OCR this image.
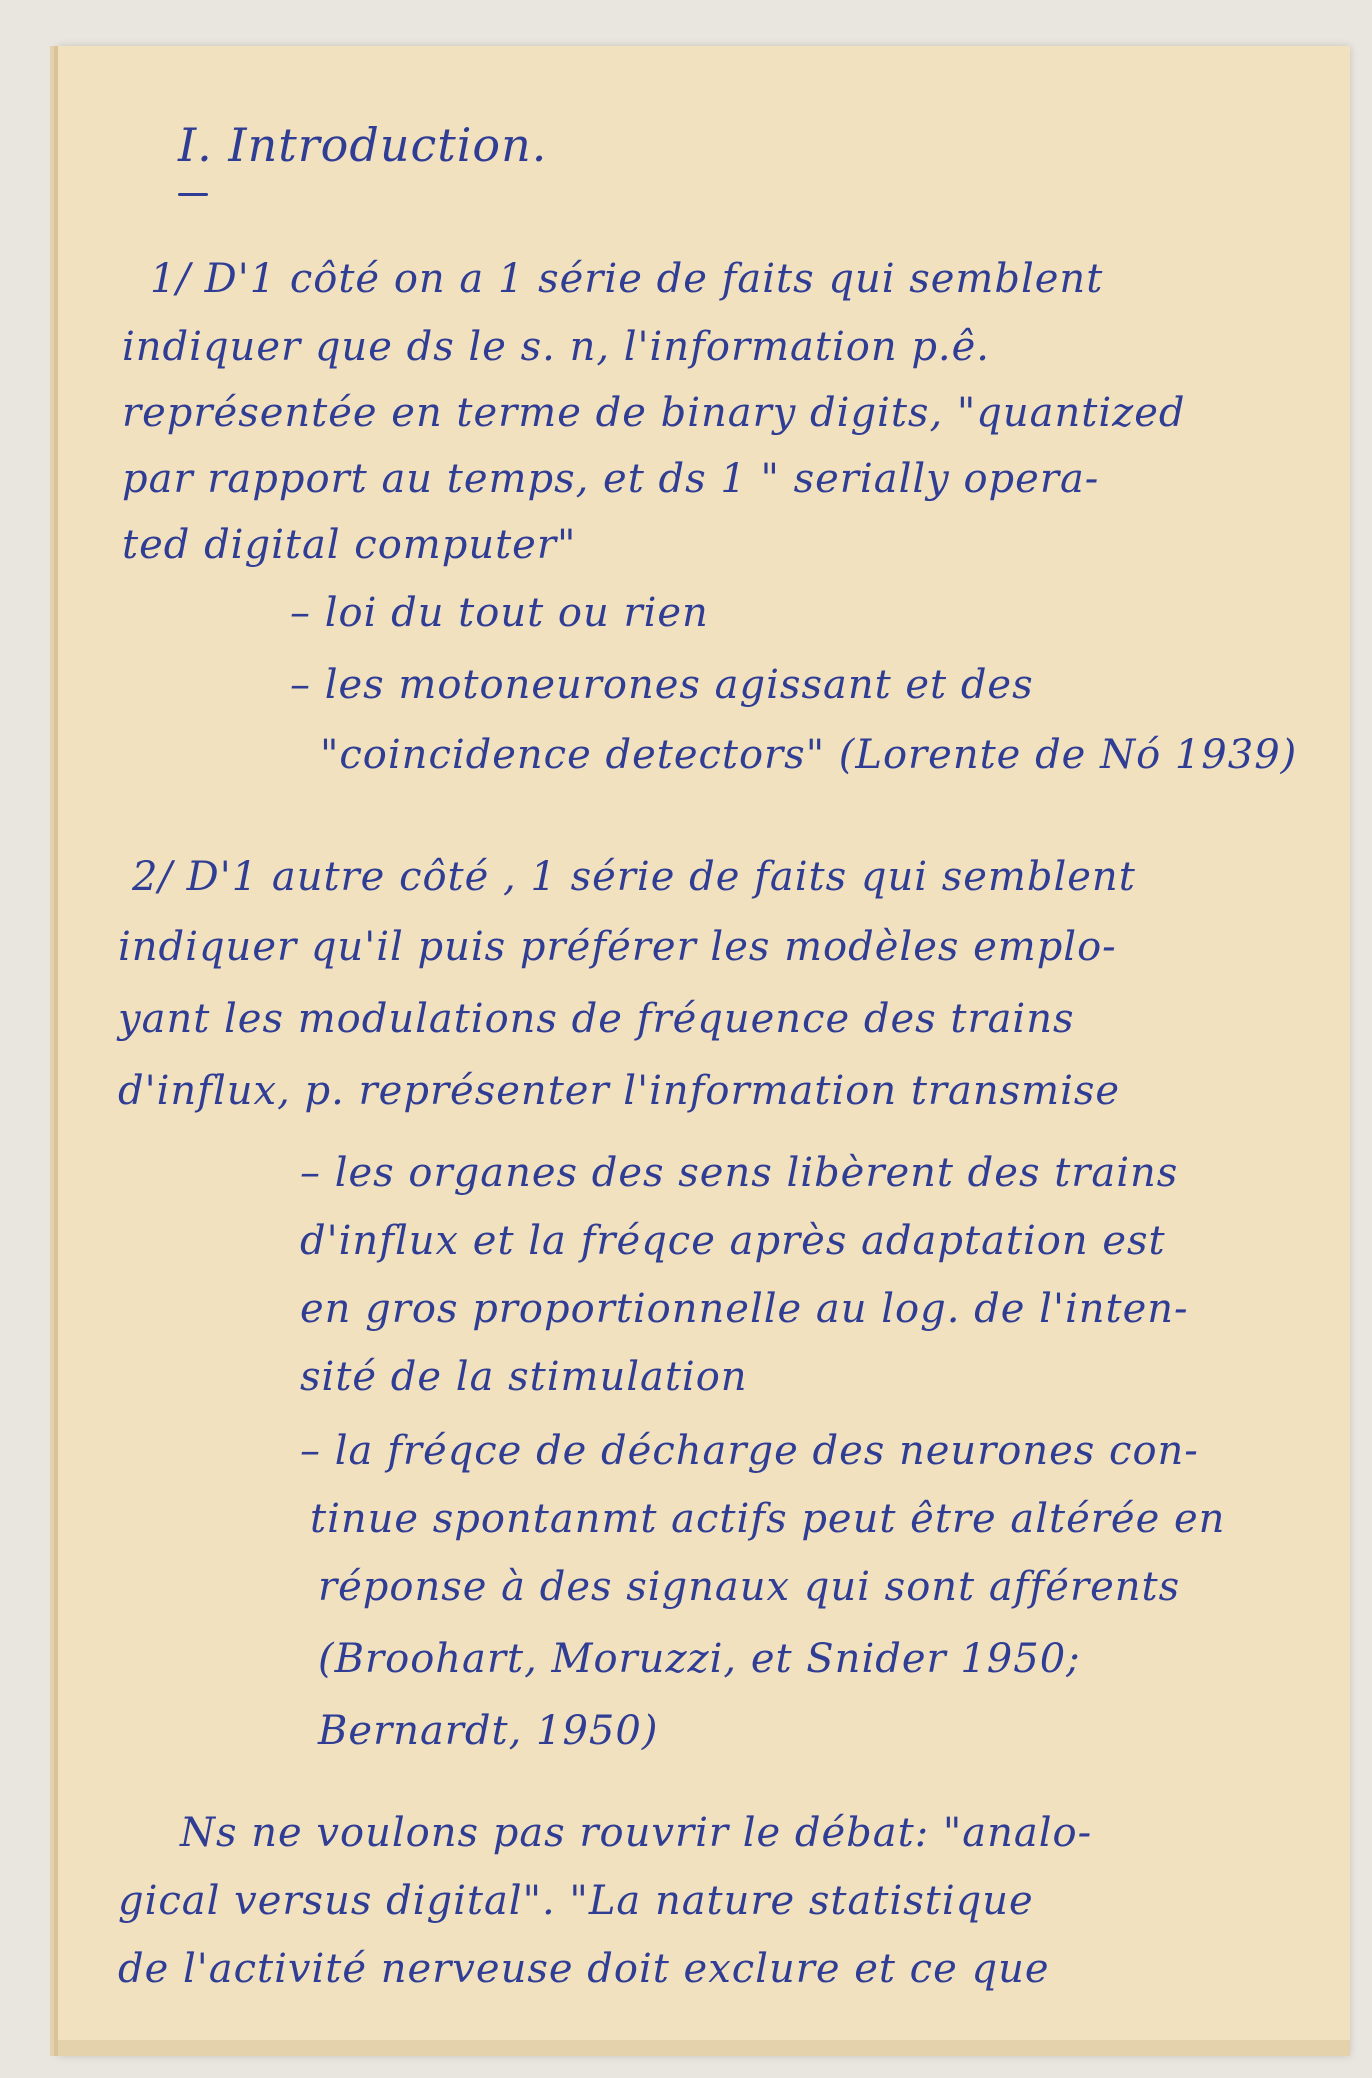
I. Introduction.
1/ D'1 côté on a 1 série de faits qui semblent
indiquer que ds le s. n, l'information p.ê.
représentée en terme de binary digits, "quantized
par rapport au temps, et ds 1 " serially opera-
ted digital computer"
– loi du tout ou rien
– les motoneurones agissant et des
"coincidence detectors" (Lorente de Nó 1939)
2/ D'1 autre côté , 1 série de faits qui semblent
indiquer qu'il puis préférer les modèles emplo-
yant les modulations de fréquence des trains
d'influx, p. représenter l'information transmise
– les organes des sens libèrent des trains
d'influx et la fréqce après adaptation est
en gros proportionnelle au log. de l'inten-
sité de la stimulation
– la fréqce de décharge des neurones con-
tinue spontanmt actifs peut être altérée en
réponse à des signaux qui sont afférents
(Broohart, Moruzzi, et Snider 1950;
Bernardt, 1950)
Ns ne voulons pas rouvrir le débat: "analo-
gical versus digital". "La nature statistique
de l'activité nerveuse doit exclure et ce que
